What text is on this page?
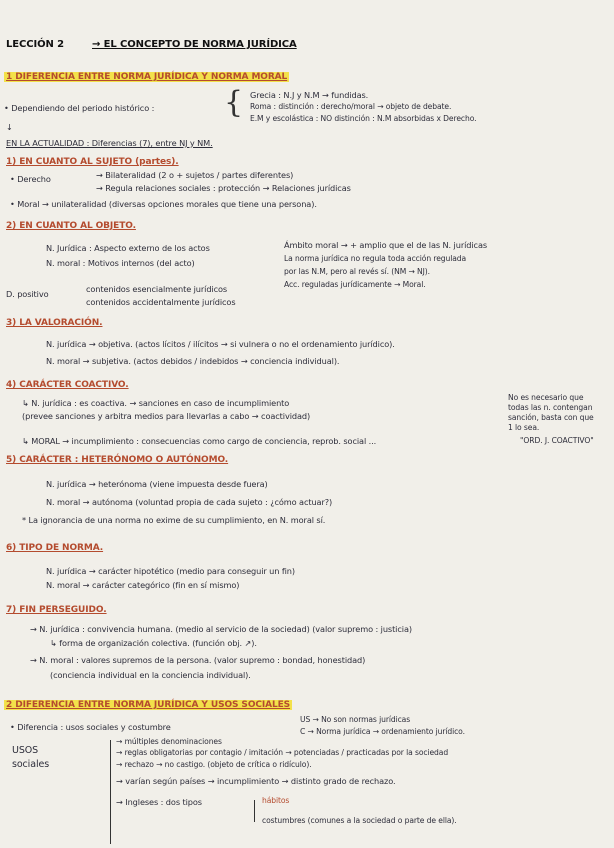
LECCIÓN 2	→ EL CONCEPTO DE NORMA JURÍDICA
1 DIFERENCIA ENTRE NORMA JURÍDICA Y NORMA MORAL
• Dependiendo del periodo histórico : { Grecia : N.J y N.M → fundidas.
Roma : distinción : derecho/moral → objeto de debate.
E.M y escolástica : NO distinción : N.M absorbidas x Derecho.
↓
EN LA ACTUALIDAD : Diferencias (7), entre NJ y NM.
1) EN CUANTO AL SUJETO (partes).
• Derecho	→ Bilateralidad (2 o + sujetos / partes diferentes)
→ Regula relaciones sociales : protección → Relaciones jurídicas
• Moral → unilateralidad (diversas opciones morales que tiene una persona).
2) EN CUANTO AL OBJETO.
N. Jurídica : Aspecto externo de los actos
N. moral : Motivos internos (del acto)
Ámbito moral → + amplio que el de las N. jurídicas
La norma jurídica no regula toda acción regulada
por las N.M, pero al revés sí. (NM → NJ).
Acc. reguladas jurídicamente → Moral.
D. positivo	contenidos esencialmente jurídicos
contenidos accidentalmente jurídicos
3) LA VALORACIÓN.
N. jurídica → objetiva. (actos lícitos / ilícitos → si vulnera o no el ordenamiento jurídico).
N. moral → subjetiva. (actos debidos / indebidos → conciencia individual).
4) CARÁCTER COACTIVO.
↳ N. jurídica : es coactiva. → sanciones en caso de incumplimiento
(prevee sanciones y arbitra medios para llevarlas a cabo → coactividad)
No es necesario que
todas las n. contengan
sanción, basta con que
1 lo sea.
↳ MORAL → incumplimiento : consecuencias como cargo de conciencia, reprob. social ...	"ORD. J. COACTIVO"
5) CARÁCTER : HETERÓNOMO O AUTÓNOMO.
N. jurídica → heterónoma (viene impuesta desde fuera)
N. moral → autónoma (voluntad propia de cada sujeto : ¿cómo actuar?)
* La ignorancia de una norma no exime de su cumplimiento, en N. moral sí.
6) TIPO DE NORMA.
N. jurídica → carácter hipotético (medio para conseguir un fin)
N. moral → carácter categórico (fin en sí mismo)
7) FIN PERSEGUIDO.
→ N. jurídica : convivencia humana. (medio al servicio de la sociedad) (valor supremo : justicia)
↳ forma de organización colectiva. (función obj. ↗).
→ N. moral : valores supremos de la persona. (valor supremo : bondad, honestidad)
(conciencia individual en la conciencia individual).
2 DIFERENCIA ENTRE NORMA JURÍDICA Y USOS SOCIALES
• Diferencia : usos sociales y costumbre
US → No son normas jurídicas
C → Norma jurídica → ordenamiento jurídico.
USOS
sociales
→ múltiples denominaciones
→ reglas obligatorias por contagio / imitación → potenciadas / practicadas por la sociedad
→ rechazo → no castigo. (objeto de crítica o ridículo).
→ varían según países → incumplimiento → distinto grado de rechazo.
→ Ingleses : dos tipos	hábitos
costumbres (comunes a la sociedad o parte de ella).
